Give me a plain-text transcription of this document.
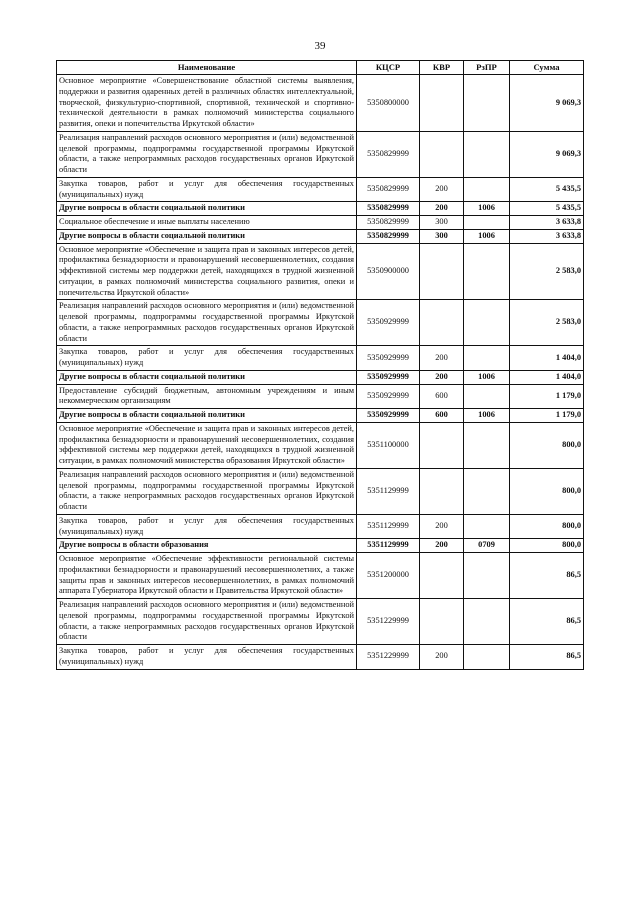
39
Наименование	КЦСР	КВР	РзПР	Сумма
Основное мероприятие «Совершенствование областной системы выявления, поддержки и развития одаренных детей в различных областях интеллектуальной, творческой, физкультурно-спортивной, спортивной, технической и спортивно-технической деятельности в рамках полномочий министерства социального развития, опеки и попечительства Иркутской области»	5350800000			9 069,3
Реализация направлений расходов основного мероприятия и (или) ведомственной целевой программы, подпрограммы государственной программы Иркутской области, а также непрограммных расходов государственных органов Иркутской области	5350829999			9 069,3
Закупка товаров, работ и услуг для обеспечения государственных (муниципальных) нужд	5350829999	200		5 435,5
Другие вопросы в области социальной политики	5350829999	200	1006	5 435,5
Социальное обеспечение и иные выплаты населению	5350829999	300		3 633,8
Другие вопросы в области социальной политики	5350829999	300	1006	3 633,8
Основное мероприятие «Обеспечение и защита прав и законных интересов детей, профилактика безнадзорности и правонарушений несовершеннолетних, создания эффективной системы мер поддержки детей, находящихся в трудной жизненной ситуации, в рамках полномочий министерства социального развития, опеки и попечительства Иркутской области»	5350900000			2 583,0
Реализация направлений расходов основного мероприятия и (или) ведомственной целевой программы, подпрограммы государственной программы Иркутской области, а также непрограммных расходов государственных органов Иркутской области	5350929999			2 583,0
Закупка товаров, работ и услуг для обеспечения государственных (муниципальных) нужд	5350929999	200		1 404,0
Другие вопросы в области социальной политики	5350929999	200	1006	1 404,0
Предоставление субсидий бюджетным, автономным учреждениям и иным некоммерческим организациям	5350929999	600		1 179,0
Другие вопросы в области социальной политики	5350929999	600	1006	1 179,0
Основное мероприятие «Обеспечение и защита прав и законных интересов детей, профилактика безнадзорности и правонарушений несовершеннолетних, создания эффективной системы мер поддержки детей, находящихся в трудной жизненной ситуации, в рамках полномочий министерства образования Иркутской области»	5351100000			800,0
Реализация направлений расходов основного мероприятия и (или) ведомственной целевой программы, подпрограммы государственной программы Иркутской области, а также непрограммных расходов государственных органов Иркутской области	5351129999			800,0
Закупка товаров, работ и услуг для обеспечения государственных (муниципальных) нужд	5351129999	200		800,0
Другие вопросы в области образования	5351129999	200	0709	800,0
Основное мероприятие «Обеспечение эффективности региональной системы профилактики безнадзорности и правонарушений несовершеннолетних, а также защиты прав и законных интересов несовершеннолетних, в рамках полномочий аппарата Губернатора Иркутской области и Правительства Иркутской области»	5351200000			86,5
Реализация направлений расходов основного мероприятия и (или) ведомственной целевой программы, подпрограммы государственной программы Иркутской области, а также непрограммных расходов государственных органов Иркутской области	5351229999			86,5
Закупка товаров, работ и услуг для обеспечения государственных (муниципальных) нужд	5351229999	200		86,5
